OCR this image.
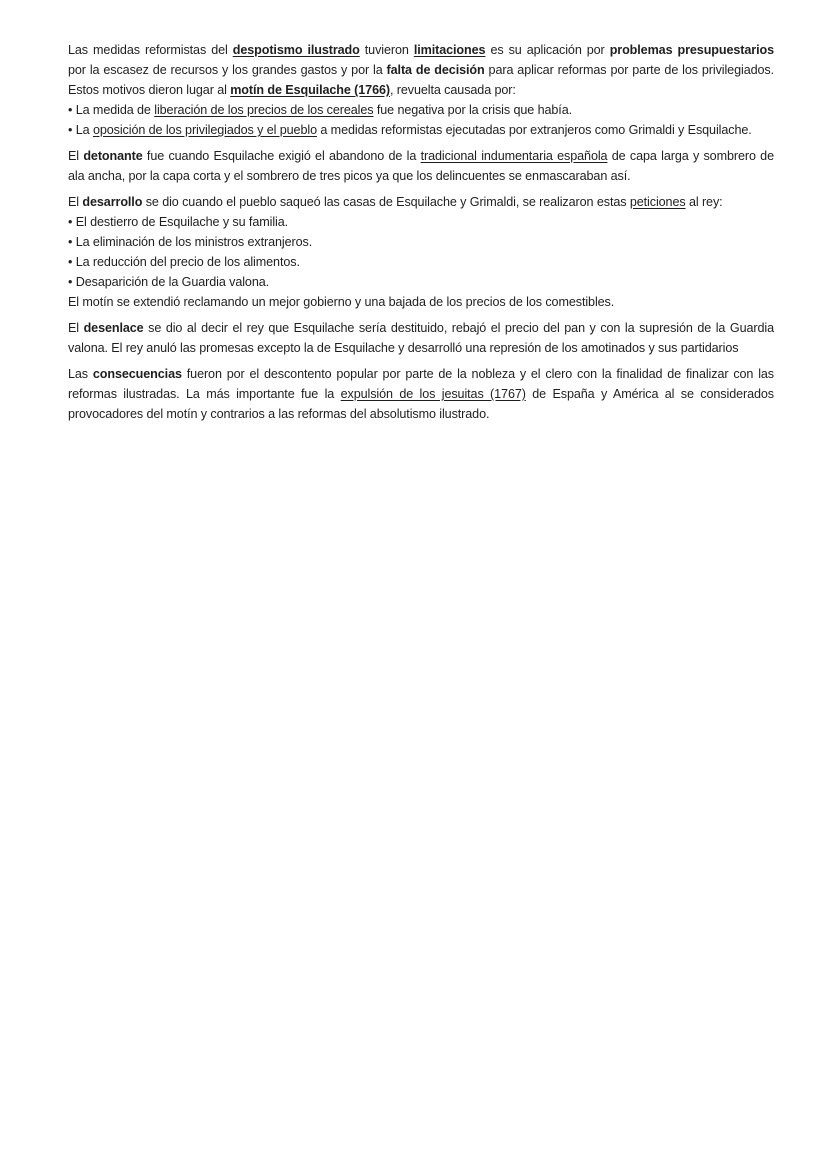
Las medidas reformistas del despotismo ilustrado tuvieron limitaciones es su aplicación por problemas presupuestarios por la escasez de recursos y los grandes gastos y por la falta de decisión para aplicar reformas por parte de los privilegiados. Estos motivos dieron lugar al motín de Esquilache (1766), revuelta causada por:
• La medida de liberación de los precios de los cereales fue negativa por la crisis que había.
• La oposición de los privilegiados y el pueblo a medidas reformistas ejecutadas por extranjeros como Grimaldi y Esquilache.
El detonante fue cuando Esquilache exigió el abandono de la tradicional indumentaria española de capa larga y sombrero de ala ancha, por la capa corta y el sombrero de tres picos ya que los delincuentes se enmascaraban así.
El desarrollo se dio cuando el pueblo saqueó las casas de Esquilache y Grimaldi, se realizaron estas peticiones al rey:
• El destierro de Esquilache y su familia.
• La eliminación de los ministros extranjeros.
• La reducción del precio de los alimentos.
• Desaparición de la Guardia valona.
El motín se extendió reclamando un mejor gobierno y una bajada de los precios de los comestibles.
El desenlace se dio al decir el rey que Esquilache sería destituido, rebajó el precio del pan y con la supresión de la Guardia valona. El rey anuló las promesas excepto la de Esquilache y desarrolló una represión de los amotinados y sus partidarios
Las consecuencias fueron por el descontento popular por parte de la nobleza y el clero con la finalidad de finalizar con las reformas ilustradas. La más importante fue la expulsión de los jesuitas (1767) de España y América al se considerados provocadores del motín y contrarios a las reformas del absolutismo ilustrado.
